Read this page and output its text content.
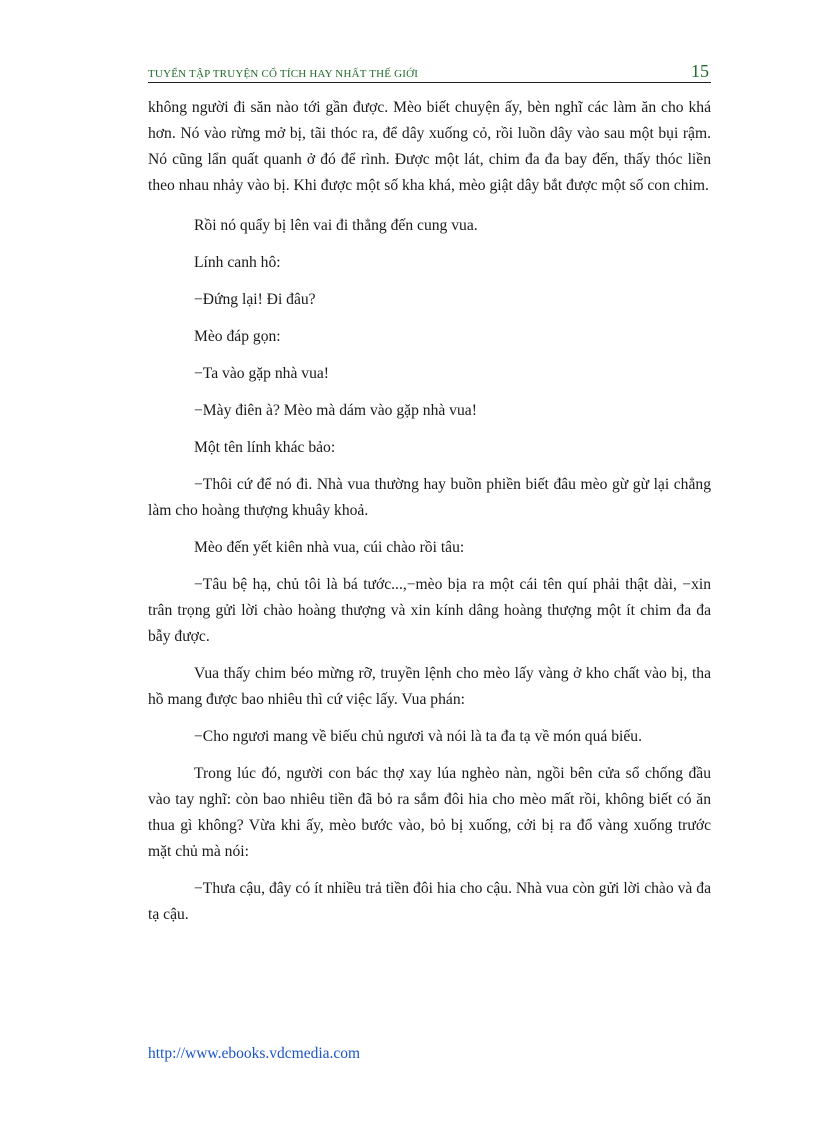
TUYỂN TẬP TRUYỆN CỔ TÍCH HAY NHẤT THẾ GIỚI	15

không người đi săn nào tới gần được. Mèo biết chuyện ấy, bèn nghĩ các làm ăn cho khá hơn. Nó vào rừng mở bị, tãi thóc ra, để dây xuống cỏ, rồi luồn dây vào sau một bụi rậm. Nó cũng lẩn quất quanh ở đó để rình. Được một lát, chim đa đa bay đến, thấy thóc liền theo nhau nhảy vào bị. Khi được một số kha khá, mèo giật dây bắt được một số con chim.

Rồi nó quẩy bị lên vai đi thẳng đến cung vua.

Lính canh hô:

−Đứng lại! Đi đâu?

Mèo đáp gọn:

−Ta vào gặp nhà vua!

−Mày điên à? Mèo mà dám vào gặp nhà vua!

Một tên lính khác bảo:

−Thôi cứ để nó đi. Nhà vua thường hay buồn phiền biết đâu mèo gừ gừ lại chẳng làm cho hoàng thượng khuây khoả.

Mèo đến yết kiên nhà vua, cúi chào rồi tâu:

−Tâu bệ hạ, chủ tôi là bá tước...,−mèo bịa ra một cái tên quí phải thật dài, −xin trân trọng gửi lời chào hoàng thượng và xin kính dâng hoàng thượng một ít chim đa đa bẫy được.

Vua thấy chim béo mừng rỡ, truyền lệnh cho mèo lấy vàng ở kho chất vào bị, tha hồ mang được bao nhiêu thì cứ việc lấy. Vua phán:

−Cho ngươi mang về biếu chủ ngươi và nói là ta đa tạ về món quá biếu.

Trong lúc đó, người con bác thợ xay lúa nghèo nàn, ngồi bên cửa sổ chống đầu vào tay nghĩ: còn bao nhiêu tiền đã bỏ ra sắm đôi hia cho mèo mất rồi, không biết có ăn thua gì không? Vừa khi ấy, mèo bước vào, bỏ bị xuống, cởi bị ra đổ vàng xuống trước mặt chủ mà nói:

−Thưa cậu, đây có ít nhiều trả tiền đôi hia cho cậu. Nhà vua còn gửi lời chào và đa tạ cậu.

http://www.ebooks.vdcmedia.com
